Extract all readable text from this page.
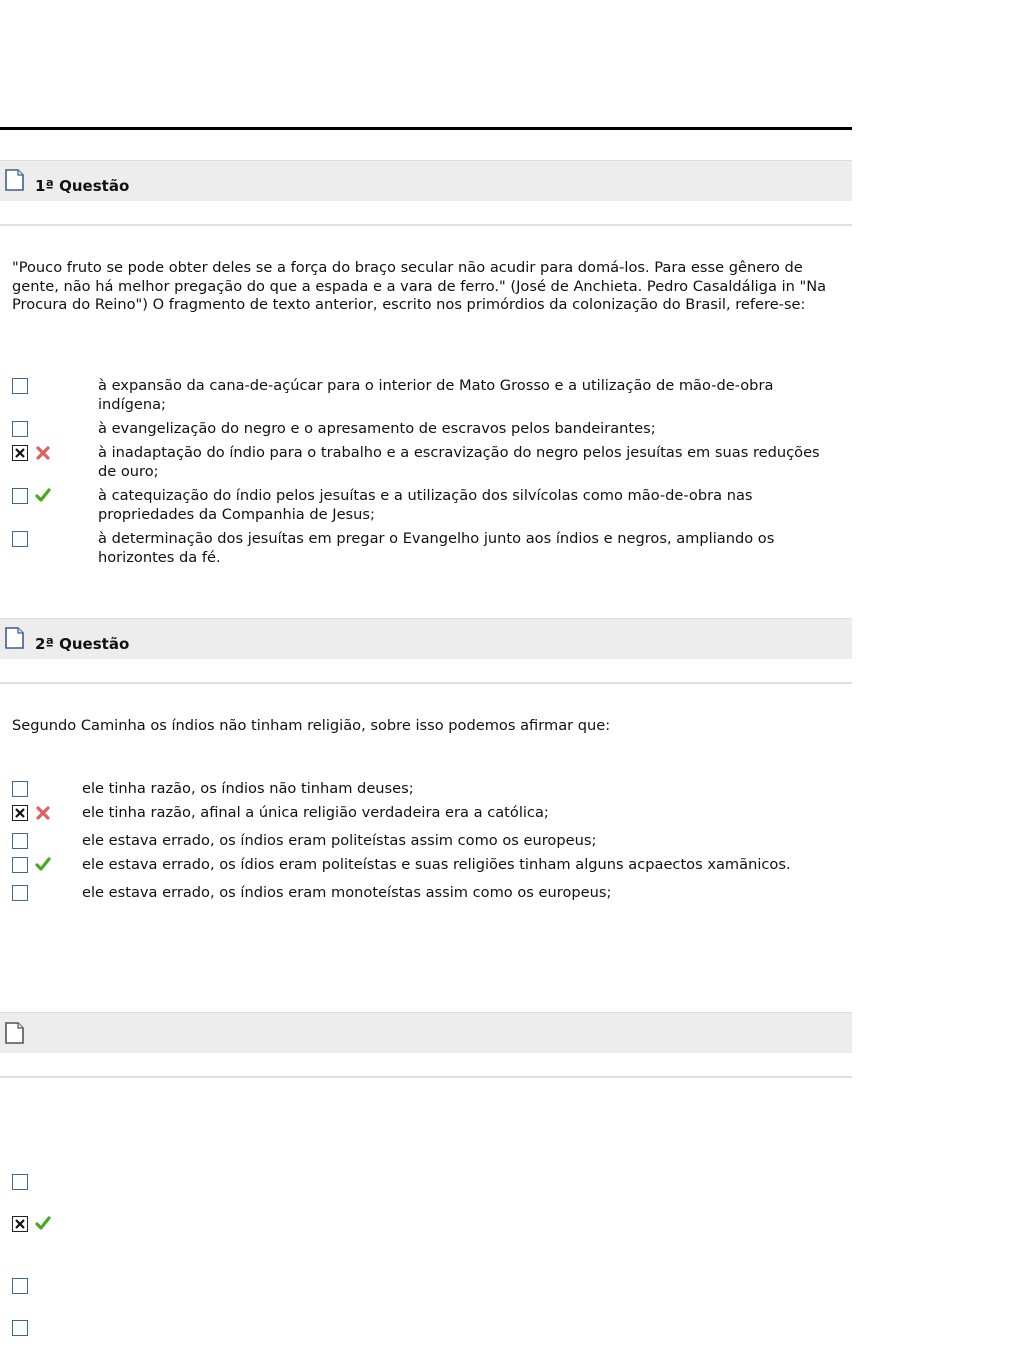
1ª Questão
"Pouco fruto se pode obter deles se a força do braço secular não acudir para domá-los. Para esse gênero de gente, não há melhor pregação do que a espada e a vara de ferro." (José de Anchieta. Pedro Casaldáliga in "Na Procura do Reino") O fragmento de texto anterior, escrito nos primórdios da colonização do Brasil, refere-se:
à expansão da cana-de-açúcar para o interior de Mato Grosso e a utilização de mão-de-obra indígena;
à evangelização do negro e o apresamento de escravos pelos bandeirantes;
à inadaptação do índio para o trabalho e a escravização do negro pelos jesuítas em suas reduções de ouro;
à catequização do índio pelos jesuítas e a utilização dos silvícolas como mão-de-obra nas propriedades da Companhia de Jesus;
à determinação dos jesuítas em pregar o Evangelho junto aos índios e negros, ampliando os horizontes da fé.
2ª Questão
Segundo Caminha os índios não tinham religião, sobre isso podemos afirmar que:
ele tinha razão, os índios não tinham deuses;
ele tinha razão, afinal a única religião verdadeira era a católica;
ele estava errado, os índios eram politeístas assim como os europeus;
ele estava errado, os ídios eram politeístas e suas religiões tinham alguns acpaectos xamãnicos.
ele estava errado, os índios eram monoteístas assim como os europeus;
